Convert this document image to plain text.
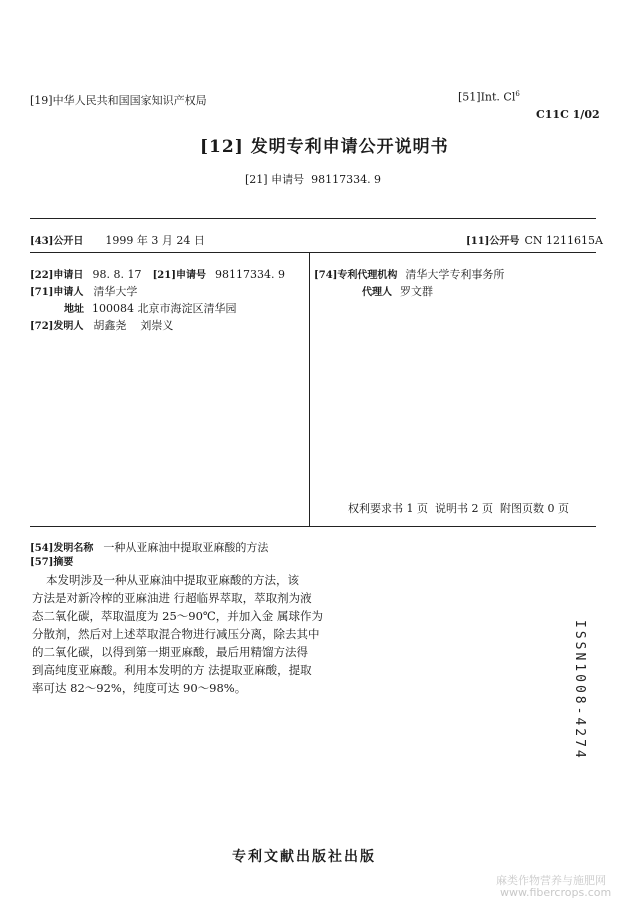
[19]中华人民共和国国家知识产权局	[51]Int. Cl$^6$
C11C 1/02
[12] 发明专利申请公开说明书
[21] 申请号 98117334. 9
[43]公开日 1999 年 3 月 24 日	[11]公开号 CN 1211615A
[22]申请日 98. 8. 17 [21]申请号 98117334. 9
[71]申请人 清华大学
地址 100084 北京市海淀区清华园
[72]发明人 胡鑫尧    刘崇义
[74]专利代理机构 清华大学专利事务所
代理人 罗文群
权利要求书 1 页  说明书 2 页  附图页数 0 页
[54]发明名称 一种从亚麻油中提取亚麻酸的方法
[57]摘要
本发明涉及一种从亚麻油中提取亚麻酸的方法，该
方法是对新冷榨的亚麻油进 行超临界萃取，萃取剂为液
态二氧化碳，萃取温度为 25～90℃，并加入金 属球作为
分散剂，然后对上述萃取混合物进行减压分离，除去其中
的二氧化碳，以得到第一期亚麻酸，最后用精馏方法得
到高纯度亚麻酸。利用本发明的方 法提取亚麻酸，提取
率可达 82～92%，纯度可达 90～98%。	ISSN1008-4274
专利文献出版社出版
麻类作物营养与施肥网
www.fibercrops.com
